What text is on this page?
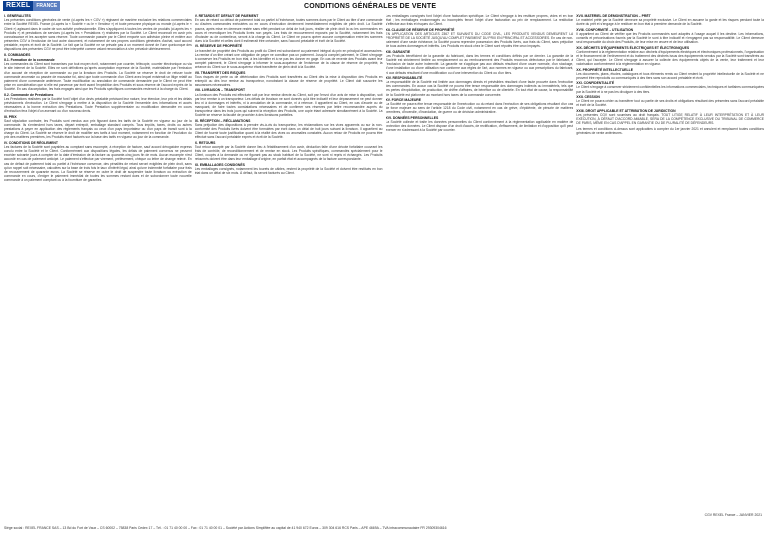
REXEL	FRANCE	CONDITIONS GÉNÉRALES DE VENTE
I. GÉNÉRALITÉS
Les présentes conditions générales de vente (ci-après les « CGV ») régissent de manière exclusive les relations commerciales entre la Société REXEL France (ci-après la « Société » ou le « Vendeur ») et toute personne physique ou morale (ci-après le « Client ») agissant dans le cadre de son activité professionnelle. Elles s'appliquent à toutes les ventes de produits (ci-après les « Produits ») et prestations de services (ci-après les « Prestations ») réalisées par la Société. Le Client reconnaît en avoir pris connaissance et les accepter sans réserve. Toute commande passée par le Client emporte son adhésion pleine et entière aux présentes CGV à l'exclusion de tout autre document, et notamment de ses propres conditions générales d'achat, sauf accord préalable, exprès et écrit de la Société. Le fait que la Société ne se prévale pas à un moment donné de l'une quelconque des dispositions des présentes CGV ne peut être interprété comme valant renonciation à s'en prévaloir ultérieurement.
II. COMMANDES
II.1. Formation de la commande
Les commandes du Client sont transmises par tout moyen écrit, notamment par courrier, télécopie, courrier électronique ou via le site internet de la Société. Elles ne sont définitives qu'après acceptation expresse de la Société, matérialisée par l'émission d'un accusé de réception de commande ou par la livraison des Produits. La Société se réserve le droit de refuser toute commande anormale ou passée de mauvaise foi, ainsi que toute commande d'un Client avec lequel existerait un litige relatif au paiement d'une commande antérieure. Toute modification ou annulation de commande demandée par le Client ne peut être prise en considération que si elle est parvenue par écrit avant l'expédition des Produits et sous réserve de l'accord exprès de la Société. En cas d'acceptation, les frais engagés ainsi que les Produits spécifiques commandés resteront à la charge du Client.
II.2. Commande de Prestations
Les Prestations réalisées par la Société font l'objet d'un devis préalable précisant leur nature, leur étendue, leur prix et les délais prévisionnels d'exécution. Le Client s'engage à mettre à la disposition de la Société l'ensemble des informations et accès nécessaires à la bonne exécution des Prestations. Toute Prestation supplémentaire ou modification demandée en cours d'exécution fera l'objet d'un avenant ou d'un nouveau devis.
III. PRIX
Sauf stipulation contraire, les Produits sont vendus aux prix figurant dans les tarifs de la Société en vigueur au jour de la commande. Ils s'entendent hors taxes, départ entrepôt, emballage standard compris. Tous impôts, taxes, droits ou autres prestations à payer en application des règlements français ou ceux d'un pays importateur ou d'un pays de transit sont à la charge du Client. La Société se réserve le droit de modifier ses tarifs à tout moment, notamment en fonction de l'évolution du prix des matières premières, les Produits étant facturés sur la base des tarifs en vigueur au jour de la commande.
IV. CONDITIONS DE RÈGLEMENT
Les factures de la Société sont payables au comptant sans escompte, à réception de facture, sauf accord dérogatoire express conclu entre la Société et le Client. Conformément aux dispositions légales, les délais de paiement convenus ne peuvent excéder soixante jours à compter de la date d'émission de la facture ou quarante-cinq jours fin de mois. Aucun escompte n'est accordé en cas de paiement anticipé. Le paiement s'effectue par virement, prélèvement, chèque ou lettre de change relevé. En cas de défaut de paiement total ou partiel à l'échéance convenue, des pénalités de retard seront exigibles de plein droit, sans qu'un rappel soit nécessaire, calculées sur la base de trois fois le taux d'intérêt légal, ainsi qu'une indemnité forfaitaire pour frais de recouvrement de quarante euros. La Société se réserve en outre le droit de suspendre toute livraison ou exécution de commande en cours, d'exiger le paiement immédiat de toutes les sommes restant dues et de subordonner toute nouvelle commande à un paiement comptant ou à la fourniture de garanties.
V. RETARDS ET DÉFAUT DE PAIEMENT
En cas de retard ou défaut de paiement total ou partiel à l'échéance, toutes sommes dues par le Client au titre d'une commande ou d'autres commandes exécutées ou en cours d'exécution deviennent immédiatement exigibles de plein droit. La Société pourra, après mise en demeure restée sans effet pendant un délai de huit jours, résilier de plein droit la ou les commandes en cours et revendiquer les Produits livrés non payés. Les frais de recouvrement exposés par la Société, notamment les frais d'huissier ou de contentieux, seront à la charge du Client. Le Client ne pourra opérer aucune compensation entre les sommes dues à la Société et celles dont il estimerait être créancier, sans l'accord préalable et écrit de la Société.
VI. RÉSERVE DE PROPRIÉTÉ
Le transfert de propriété des Produits au profit du Client est subordonné au paiement intégral du prix en principal et accessoires. La remise d'un titre créant une obligation de payer ne constitue pas un paiement. Jusqu'à complet paiement, le Client s'engage à conserver les Produits en bon état, à les identifier et à ne pas les donner en gage. En cas de revente des Produits avant leur complet paiement, le Client s'engage à informer le sous-acquéreur de l'existence de la clause de réserve de propriété, la créance du Client sur le sous-acquéreur étant transférée de plein droit à la Société.
VII. TRANSFERT DES RISQUES
Tous risques de perte ou de détérioration des Produits sont transférés au Client dès la mise à disposition des Produits en entrepôt ou dès leur remise au transporteur, nonobstant la clause de réserve de propriété. Le Client doit souscrire les assurances nécessaires.
VIII. LIVRAISON – TRANSPORT
La livraison des Produits est effectuée soit par leur remise directe au Client, soit par l'envoi d'un avis de mise à disposition, soit par leur remise à un transporteur. Les délais de livraison ne sont donnés qu'à titre indicatif et leur dépassement ne peut donner lieu ni à dommages et intérêts, ni à annulation de la commande, ni à retenue. Il appartient au Client, en cas d'avarie ou de manquant, de faire toutes constatations nécessaires et de confirmer ses réserves par lettre recommandée auprès du transporteur dans les trois jours qui suivent la réception des Produits, une copie étant adressée simultanément à la Société. La Société se réserve la faculté de procéder à des livraisons partielles.
IX. RÉCEPTION – RÉCLAMATIONS
Sans préjudice des dispositions à prendre vis-à-vis du transporteur, les réclamations sur les vices apparents ou sur la non-conformité des Produits livrés doivent être formulées par écrit dans un délai de huit jours suivant la livraison. Il appartient au Client de fournir toute justification quant à la réalité des vices ou anomalies constatés. Aucun retour de Produits ne pourra être effectué sans l'accord préalable exprès et écrit de la Société.
X. RETOURS
Tout retour accepté par la Société donne lieu à l'établissement d'un avoir, déduction faite d'une décote forfaitaire couvrant les frais de contrôle, de reconditionnement et de remise en stock. Les Produits spécifiques, commandés spécialement pour le Client, coupés à la demande ou ne figurant pas au stock habituel de la Société, ne sont ni repris ni échangés. Les Produits retournés doivent être dans leur emballage d'origine, en parfait état et accompagnés de la facture correspondante.
XI. EMBALLAGES CONSIGNÉS
Les emballages consignés, notamment les tourets de câbles, restent la propriété de la Société et doivent être restitués en bon état dans un délai de six mois. À défaut, ils seront facturés au Client.
Les emballages consignés font l'objet d'une facturation spécifique. Le Client s'engage à les restituer propres, vides et en bon état ; les emballages endommagés ou incomplets feront l'objet d'une facturation au prix de remplacement. La restitution s'effectue aux frais et risques du Client.
XII. CLAUSE DE RÉSERVE DE PROPRIÉTÉ
EN APPLICATION DES ARTICLES 2367 ET SUIVANTS DU CODE CIVIL, LES PRODUITS VENDUS DEMEURENT LA PROPRIÉTÉ DE LA SOCIÉTÉ JUSQU'AU COMPLET PAIEMENT DU PRIX EN PRINCIPAL ET ACCESSOIRES. En cas de non-paiement d'une seule échéance, la Société pourra reprendre possession des Produits livrés, aux frais du Client, sans préjudice de tous autres dommages et intérêts. Les Produits en stock chez le Client sont réputés être ceux impayés.
XIII. GARANTIE
Les Produits bénéficient de la garantie du fabricant, dans les termes et conditions définis par ce dernier. La garantie de la Société est strictement limitée au remplacement ou au remboursement des Produits reconnus défectueux par le fabricant, à l'exclusion de toute autre indemnité. La garantie ne s'applique pas aux défauts résultant d'une usure normale, d'un stockage, d'une installation ou d'une utilisation non conforme aux règles de l'art, aux normes en vigueur ou aux prescriptions du fabricant, ni aux défauts résultant d'une modification ou d'une intervention du Client ou d'un tiers.
XIV. RESPONSABILITÉ
La responsabilité de la Société est limitée aux dommages directs et prévisibles résultant d'une faute prouvée dans l'exécution des commandes. En aucun cas la Société ne pourra être tenue responsable des dommages indirects ou immatériels, tels que les pertes d'exploitation, de production, de chiffre d'affaires, de bénéfice ou de clientèle. En tout état de cause, la responsabilité de la Société est plafonnée au montant hors taxes de la commande concernée.
XV. FORCE MAJEURE
La Société ne pourra être tenue responsable de l'inexécution ou du retard dans l'exécution de ses obligations résultant d'un cas de force majeure au sens de l'article 1218 du Code civil, notamment en cas de grève, d'épidémie, de pénurie de matières premières, d'incendie, d'inondation, de guerre ou de décision administrative.
XVI. DONNÉES PERSONNELLES
La Société collecte et traite les données personnelles du Client conformément à la réglementation applicable en matière de protection des données. Le Client dispose d'un droit d'accès, de rectification, d'effacement, de limitation et d'opposition qu'il peut exercer en s'adressant à la Société par courrier.
XVII. MATÉRIEL DE DÉMONSTRATION – PRÊT
Le matériel prêté par la Société demeure sa propriété exclusive. Le Client en assume la garde et les risques pendant toute la durée du prêt et s'engage à le restituer en bon état à première demande de la Société.
XVIII. CONFORMITÉ – UTILISATION
Il appartient au Client de vérifier que les Produits commandés sont adaptés à l'usage auquel il les destine. Les informations, conseils et préconisations fournis par la Société le sont à titre indicatif et n'engagent pas sa responsabilité. Le Client demeure seul responsable du choix des Produits, de leur mise en œuvre et de leur utilisation.
XIX. DÉCHETS D'ÉQUIPEMENTS ÉLECTRIQUES ET ÉLECTRONIQUES
Conformément à la réglementation relative aux déchets d'équipements électriques et électroniques professionnels, l'organisation et le financement de l'enlèvement et du traitement des déchets issus des équipements vendus par la Société sont transférés au Client, qui l'accepte. Le Client s'engage à assurer la collecte des équipements objets de la vente, leur traitement et leur valorisation conformément à la réglementation en vigueur.
XX. PROPRIÉTÉ INTELLECTUELLE
Les documents, plans, études, catalogues et tous éléments remis au Client restent la propriété intellectuelle de la Société et ne peuvent être reproduits ou communiqués à des tiers sans son accord préalable et écrit.
XXI. CONFIDENTIALITÉ
Le Client s'engage à conserver strictement confidentielles les informations commerciales, techniques et tarifaires communiquées par la Société et à ne pas les divulguer à des tiers.
XXII. CESSION
Le Client ne pourra céder ou transférer tout ou partie de ses droits et obligations résultant des présentes sans l'accord préalable et écrit de la Société.
XXIII. DROIT APPLICABLE ET ATTRIBUTION DE JURIDICTION
Les présentes CGV sont soumises au droit français. TOUT LITIGE RELATIF À LEUR INTERPRÉTATION ET À LEUR EXÉCUTION, À DÉFAUT D'ACCORD AMIABLE, SERA DE LA COMPÉTENCE EXCLUSIVE DU TRIBUNAL DE COMMERCE DE PARIS, MÊME EN CAS D'APPEL EN GARANTIE OU DE PLURALITÉ DE DÉFENDEURS.
Les termes et conditions ci-dessus sont applicables à compter du 1er janvier 2021 et annulent et remplacent toutes conditions générales de vente antérieures.
CGV REXEL France – JANVIER 2021
Siège social : REXEL FRANCE SAS – 13 Bd du Fort de Vaux – CS 60002 – 75838 Paris Cedex 17 – Tél. : 01 71 40 00 00 – Fax : 01 71 40 00 01 – Société par Actions Simplifiée au capital de 41 940 672 Euros – 309 304 616 RCS Paris – APE 4669A – TVA intracommunautaire FR 29309304616
